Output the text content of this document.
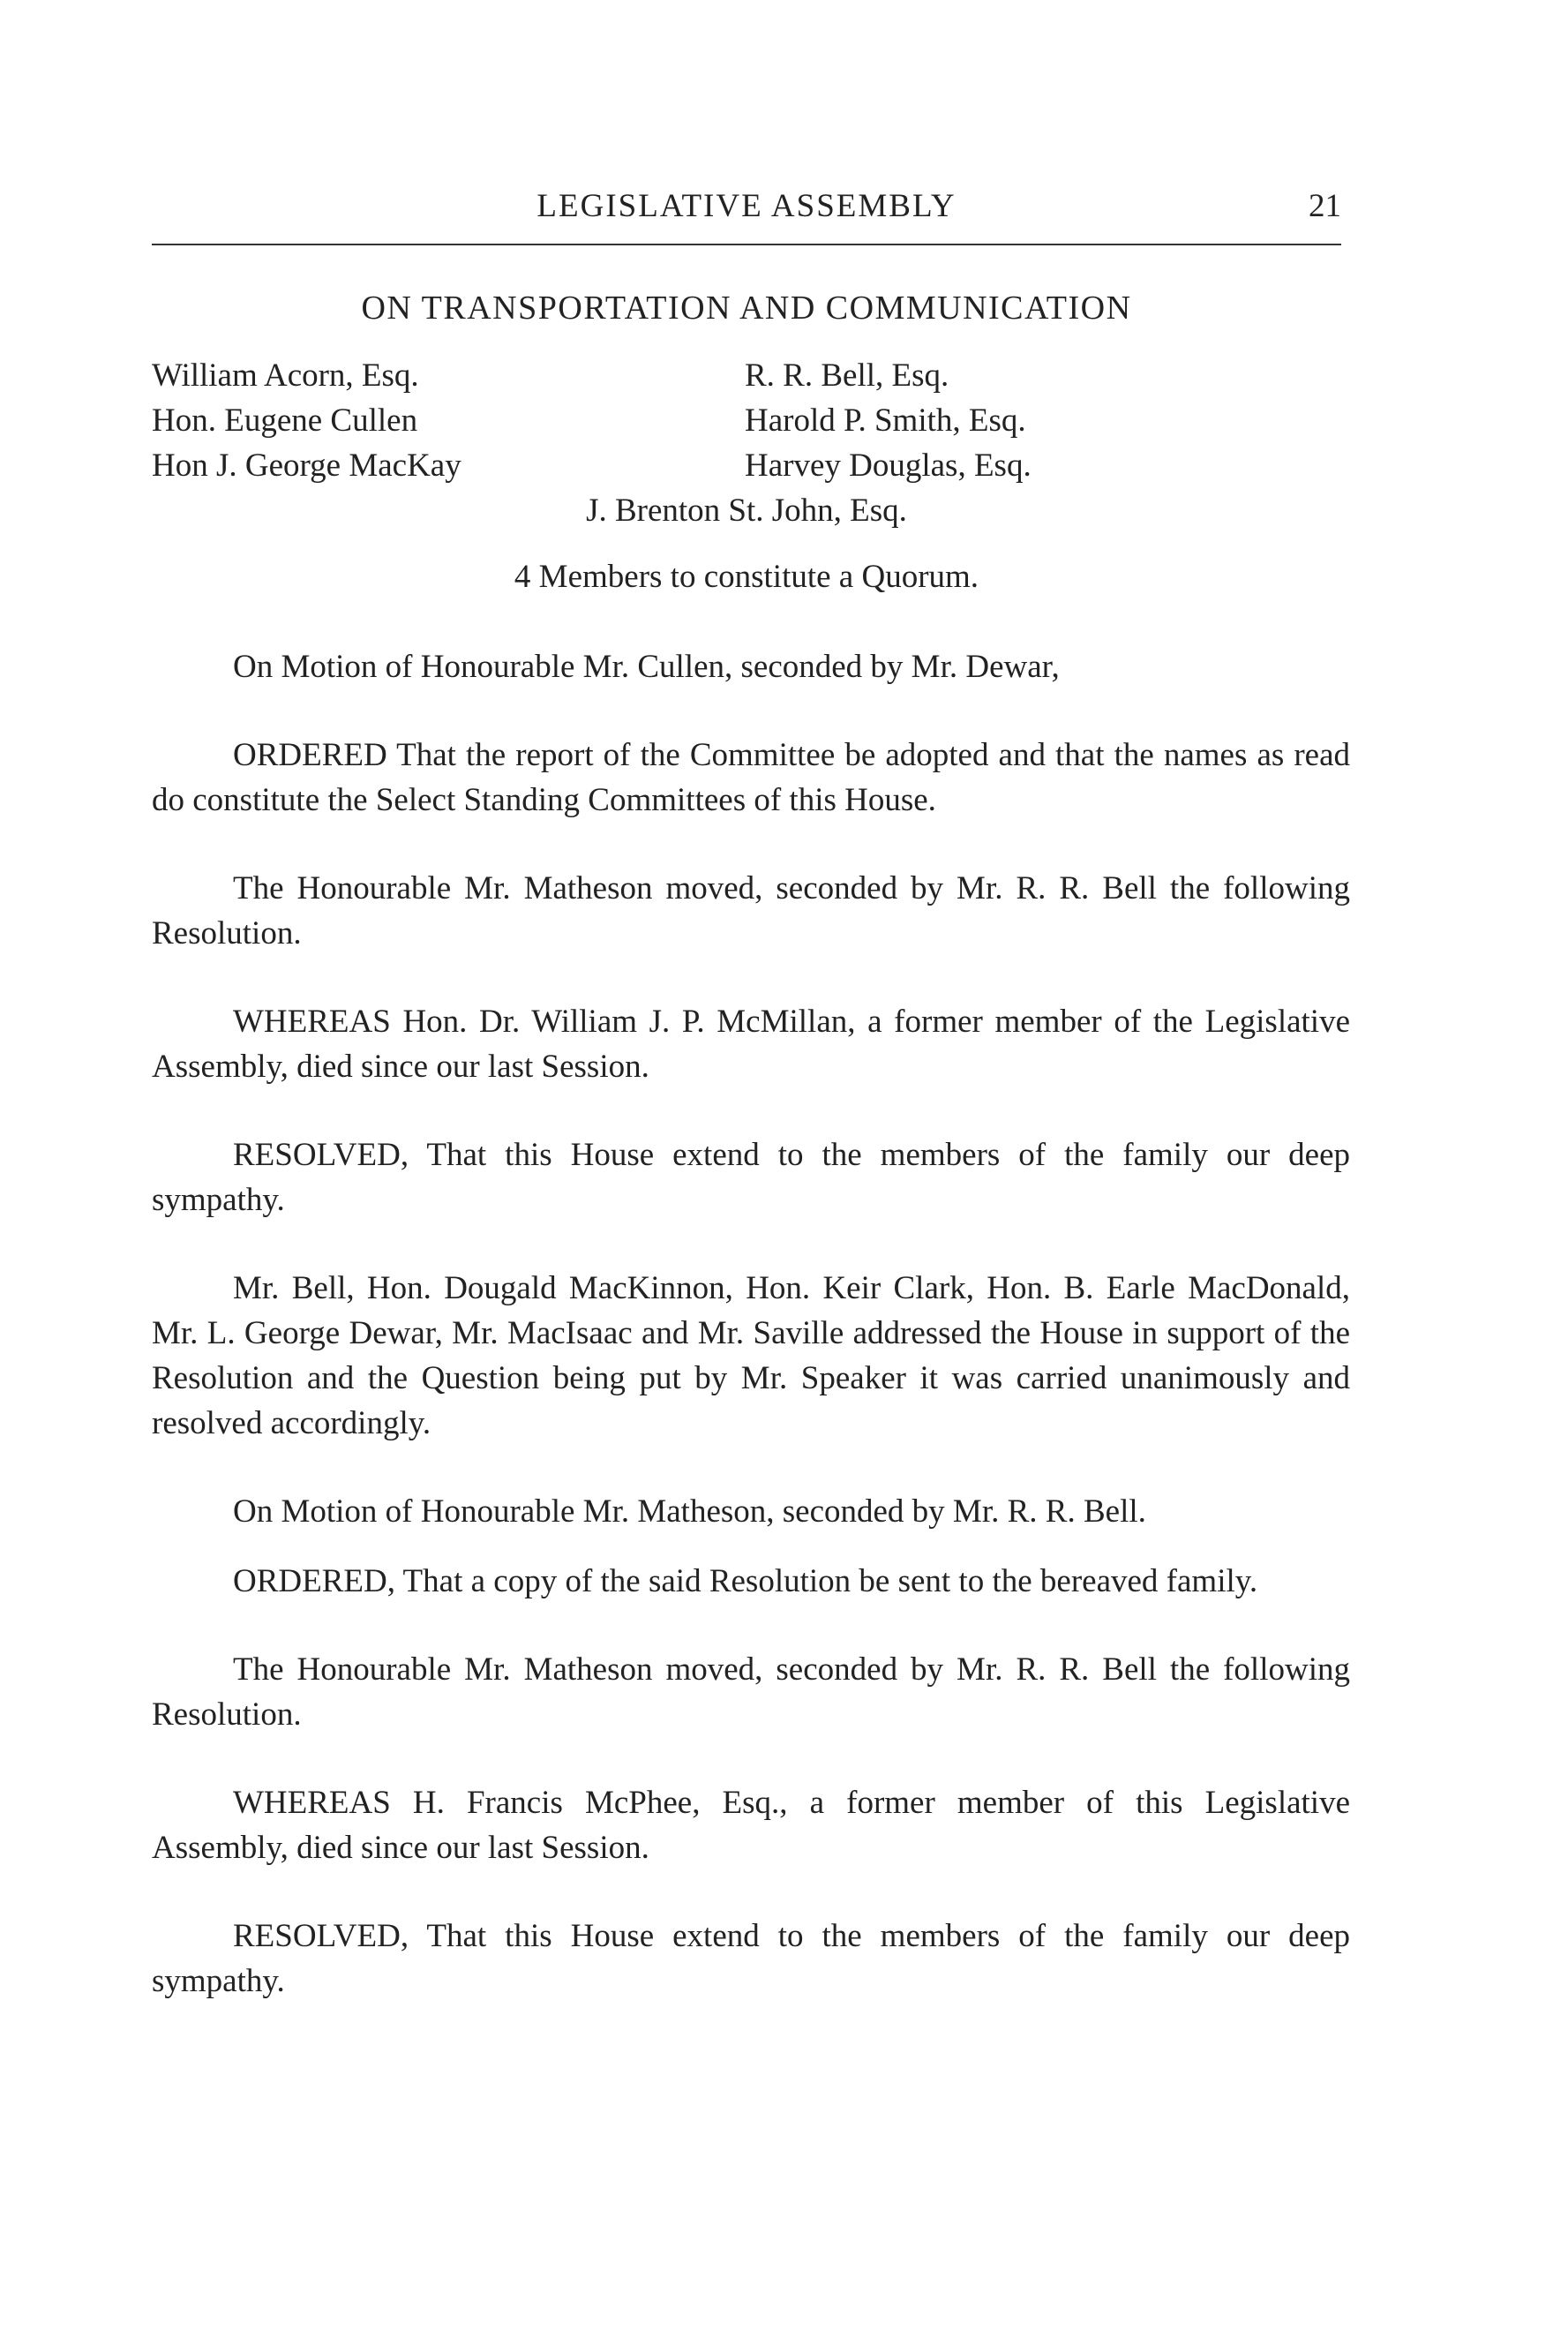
LEGISLATIVE ASSEMBLY	21
ON TRANSPORTATION AND COMMUNICATION
William Acorn, Esq.	R. R. Bell, Esq.
Hon. Eugene Cullen	Harold P. Smith, Esq.
Hon J. George MacKay	Harvey Douglas, Esq.
J. Brenton St. John, Esq.
4 Members to constitute a Quorum.

On Motion of Honourable Mr. Cullen, seconded by Mr. Dewar,

ORDERED That the report of the Committee be adopted and that the names as read do constitute the Select Standing Committees of this House.

The Honourable Mr. Matheson moved, seconded by Mr. R. R. Bell the following Resolution.

WHEREAS Hon. Dr. William J. P. McMillan, a former member of the Legislative Assembly, died since our last Session.

RESOLVED, That this House extend to the members of the family our deep sympathy.

Mr. Bell, Hon. Dougald MacKinnon, Hon. Keir Clark, Hon. B. Earle MacDonald, Mr. L. George Dewar, Mr. MacIsaac and Mr. Saville addressed the House in support of the Resolution and the Question being put by Mr. Speaker it was carried unanimously and resolved accordingly.

On Motion of Honourable Mr. Matheson, seconded by Mr. R. R. Bell.

ORDERED, That a copy of the said Resolution be sent to the bereaved family.

The Honourable Mr. Matheson moved, seconded by Mr. R. R. Bell the following Resolution.

WHEREAS H. Francis McPhee, Esq., a former member of this Legislative Assembly, died since our last Session.

RESOLVED, That this House extend to the members of the family our deep sympathy.
